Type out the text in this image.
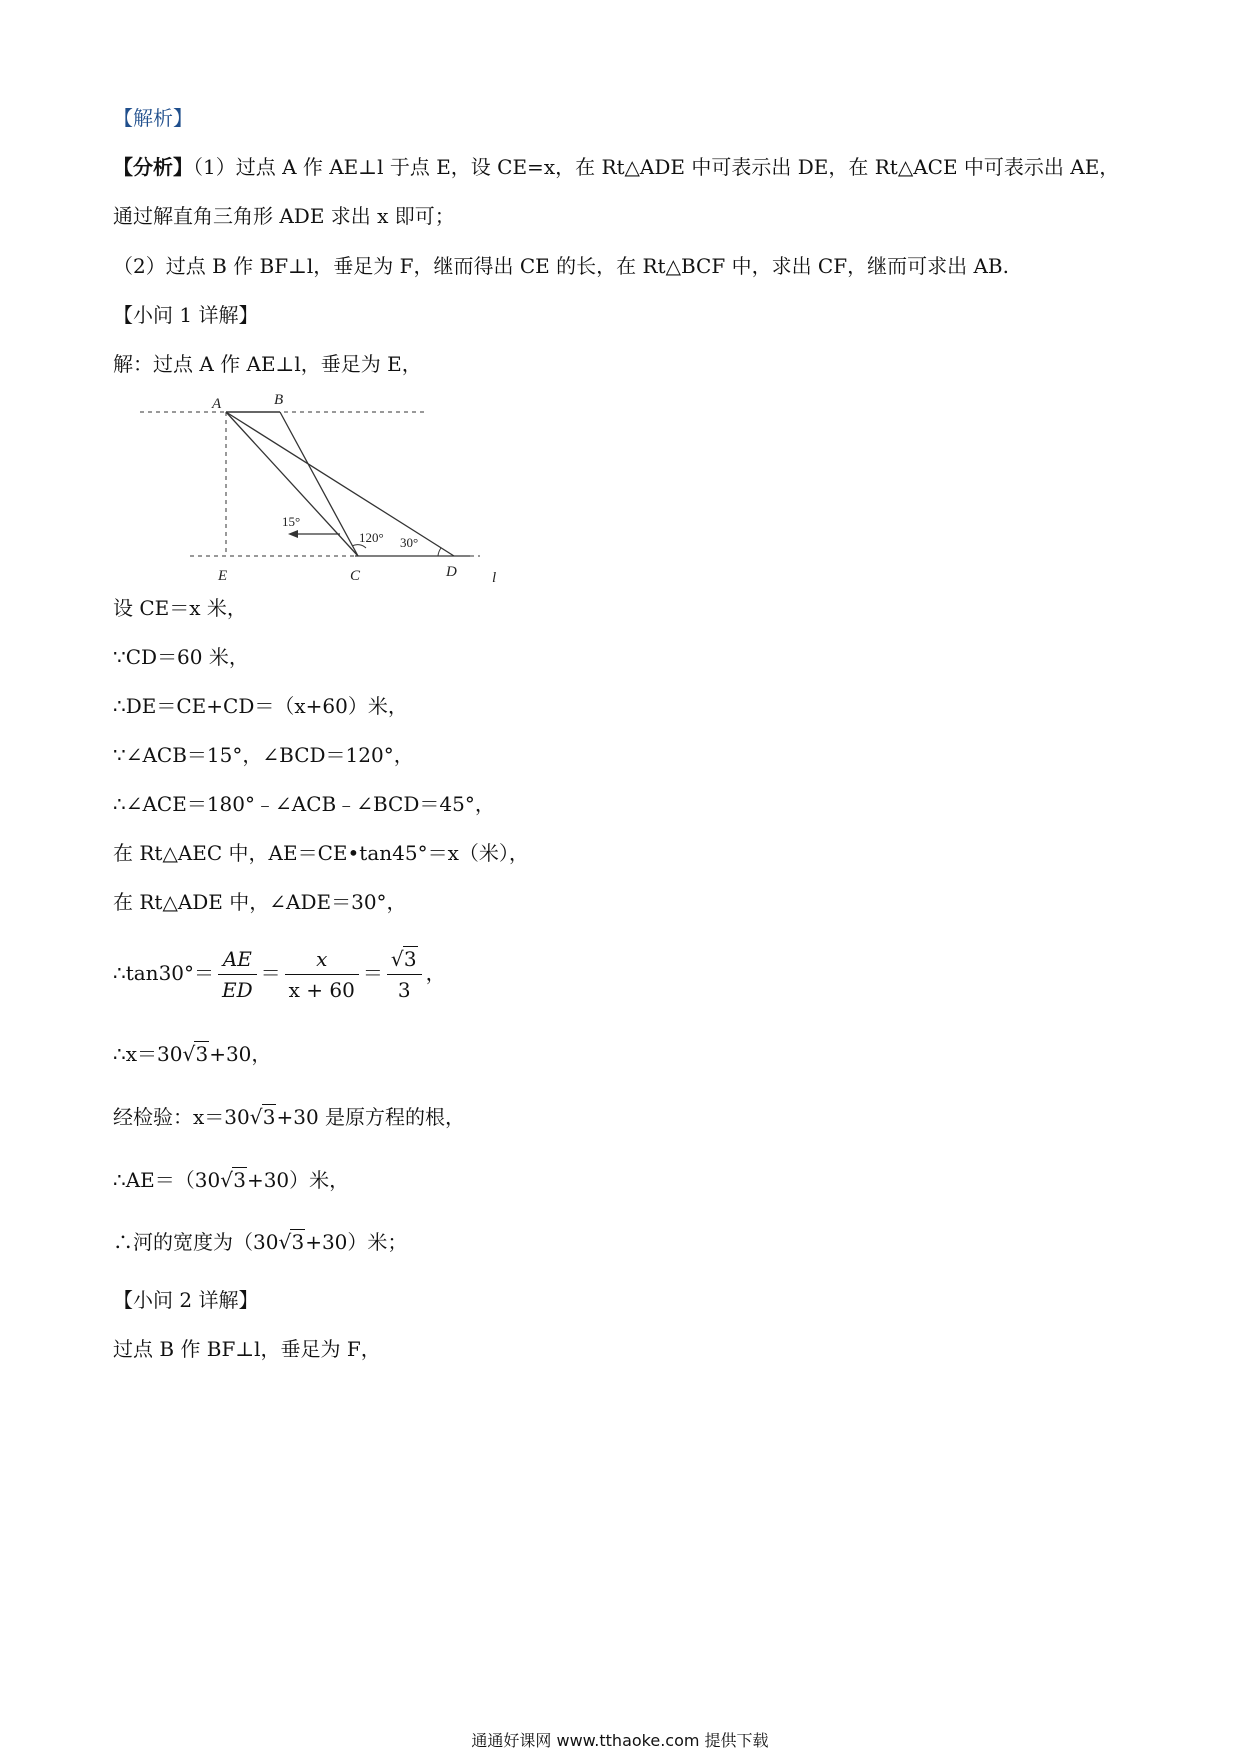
【解析】
【分析】（1）过点 A 作 AE⊥l 于点 E，设 CE=x，在 Rt△ADE 中可表示出 DE，在 Rt△ACE 中可表示出 AE，
通过解直角三角形 ADE 求出 x 即可；
（2）过点 B 作 BF⊥l，垂足为 F，继而得出 CE 的长，在 Rt△BCF 中，求出 CF，继而可求出 AB.
【小问 1 详解】
解：过点 A 作 AE⊥l，垂足为 E，
A	B
E	C	D l
15°
120° 30°
设 CE＝x 米，
∵CD＝60 米，
∴DE＝CE+CD＝（x+60）米，
∵∠ACB＝15°，∠BCD＝120°，
∴∠ACE＝180°﹣∠ACB﹣∠BCD＝45°，
在 Rt△AEC 中，AE＝CE•tan45°＝x（米），
在 Rt△ADE 中，∠ADE＝30°，
∴tan30°＝ $\frac{AE}{ED} = \frac{x}{x + 60} = \frac{√ 3}{3}$ ，
∴x＝30 √ 3+30，
经检验：x＝30 √ 3+30 是原方程的根，
∴AE＝（30 √ 3+30）米，
∴河的宽度为（30 √ 3+30）米；
【小问 2 详解】
过点 B 作 BF⊥l，垂足为 F，
通通好课网 www.tthaoke.com 提供下载
